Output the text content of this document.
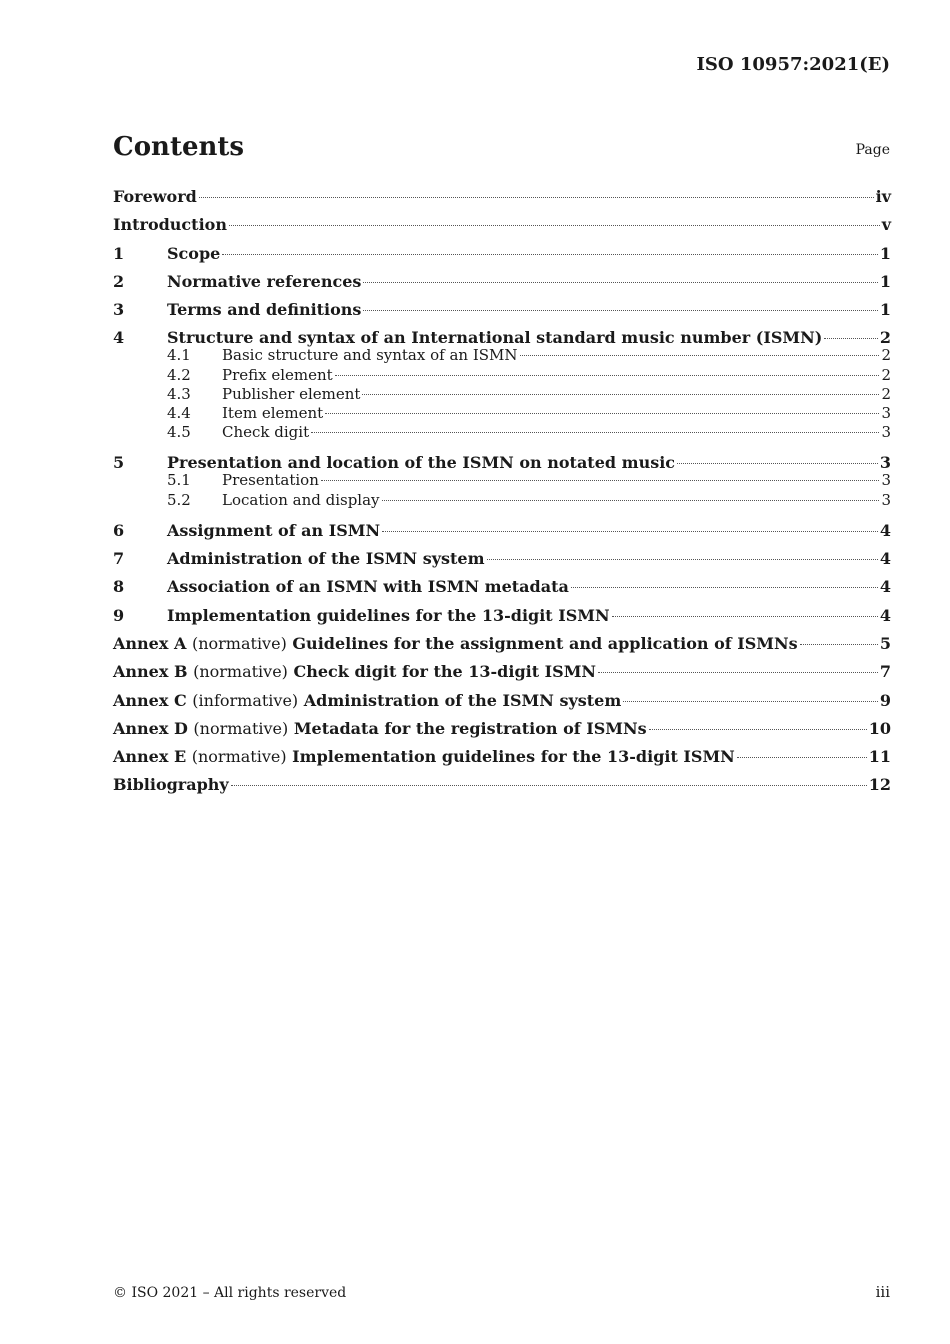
ISO 10957:2021(E)
Contents	Page
Foreword	iv
Introduction	v
1	Scope	1
2	Normative references	1
3	Terms and definitions	1
4	Structure and syntax of an International standard music number (ISMN)	2
4.1	Basic structure and syntax of an ISMN	2
4.2	Prefix element	2
4.3	Publisher element	2
4.4	Item element	3
4.5	Check digit	3
5	Presentation and location of the ISMN on notated music	3
5.1	Presentation	3
5.2	Location and display	3
6	Assignment of an ISMN	4
7	Administration of the ISMN system	4
8	Association of an ISMN with ISMN metadata	4
9	Implementation guidelines for the 13-digit ISMN	4
Annex A (normative) Guidelines for the assignment and application of ISMNs	5
Annex B (normative) Check digit for the 13-digit ISMN	7
Annex C (informative) Administration of the ISMN system	9
Annex D (normative) Metadata for the registration of ISMNs	10
Annex E (normative) Implementation guidelines for the 13-digit ISMN	11
Bibliography	12
© ISO 2021 – All rights reserved	iii
